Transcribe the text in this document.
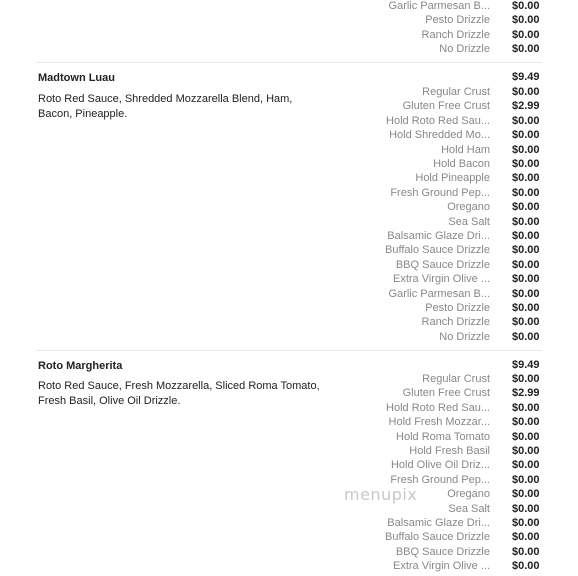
Garlic Parmesan B... $0.00
Pesto Drizzle $0.00
Ranch Drizzle $0.00
No Drizzle $0.00
Madtown Luau
Roto Red Sauce, Shredded Mozzarella Blend, Ham, Bacon, Pineapple.
$9.49
Regular Crust $0.00
Gluten Free Crust $2.99
Hold Roto Red Sau... $0.00
Hold Shredded Mo... $0.00
Hold Ham $0.00
Hold Bacon $0.00
Hold Pineapple $0.00
Fresh Ground Pep... $0.00
Oregano $0.00
Sea Salt $0.00
Balsamic Glaze Dri... $0.00
Buffalo Sauce Drizzle $0.00
BBQ Sauce Drizzle $0.00
Extra Virgin Olive ... $0.00
Garlic Parmesan B... $0.00
Pesto Drizzle $0.00
Ranch Drizzle $0.00
No Drizzle $0.00
Roto Margherita
Roto Red Sauce, Fresh Mozzarella, Sliced Roma Tomato, Fresh Basil, Olive Oil Drizzle.
$9.49
Regular Crust $0.00
Gluten Free Crust $2.99
Hold Roto Red Sau... $0.00
Hold Fresh Mozzar... $0.00
Hold Roma Tomato $0.00
Hold Fresh Basil $0.00
Hold Olive Oil Driz... $0.00
Fresh Ground Pep... $0.00
Oregano $0.00
Sea Salt $0.00
Balsamic Glaze Dri... $0.00
Buffalo Sauce Drizzle $0.00
BBQ Sauce Drizzle $0.00
Extra Virgin Olive ... $0.00
menupix
